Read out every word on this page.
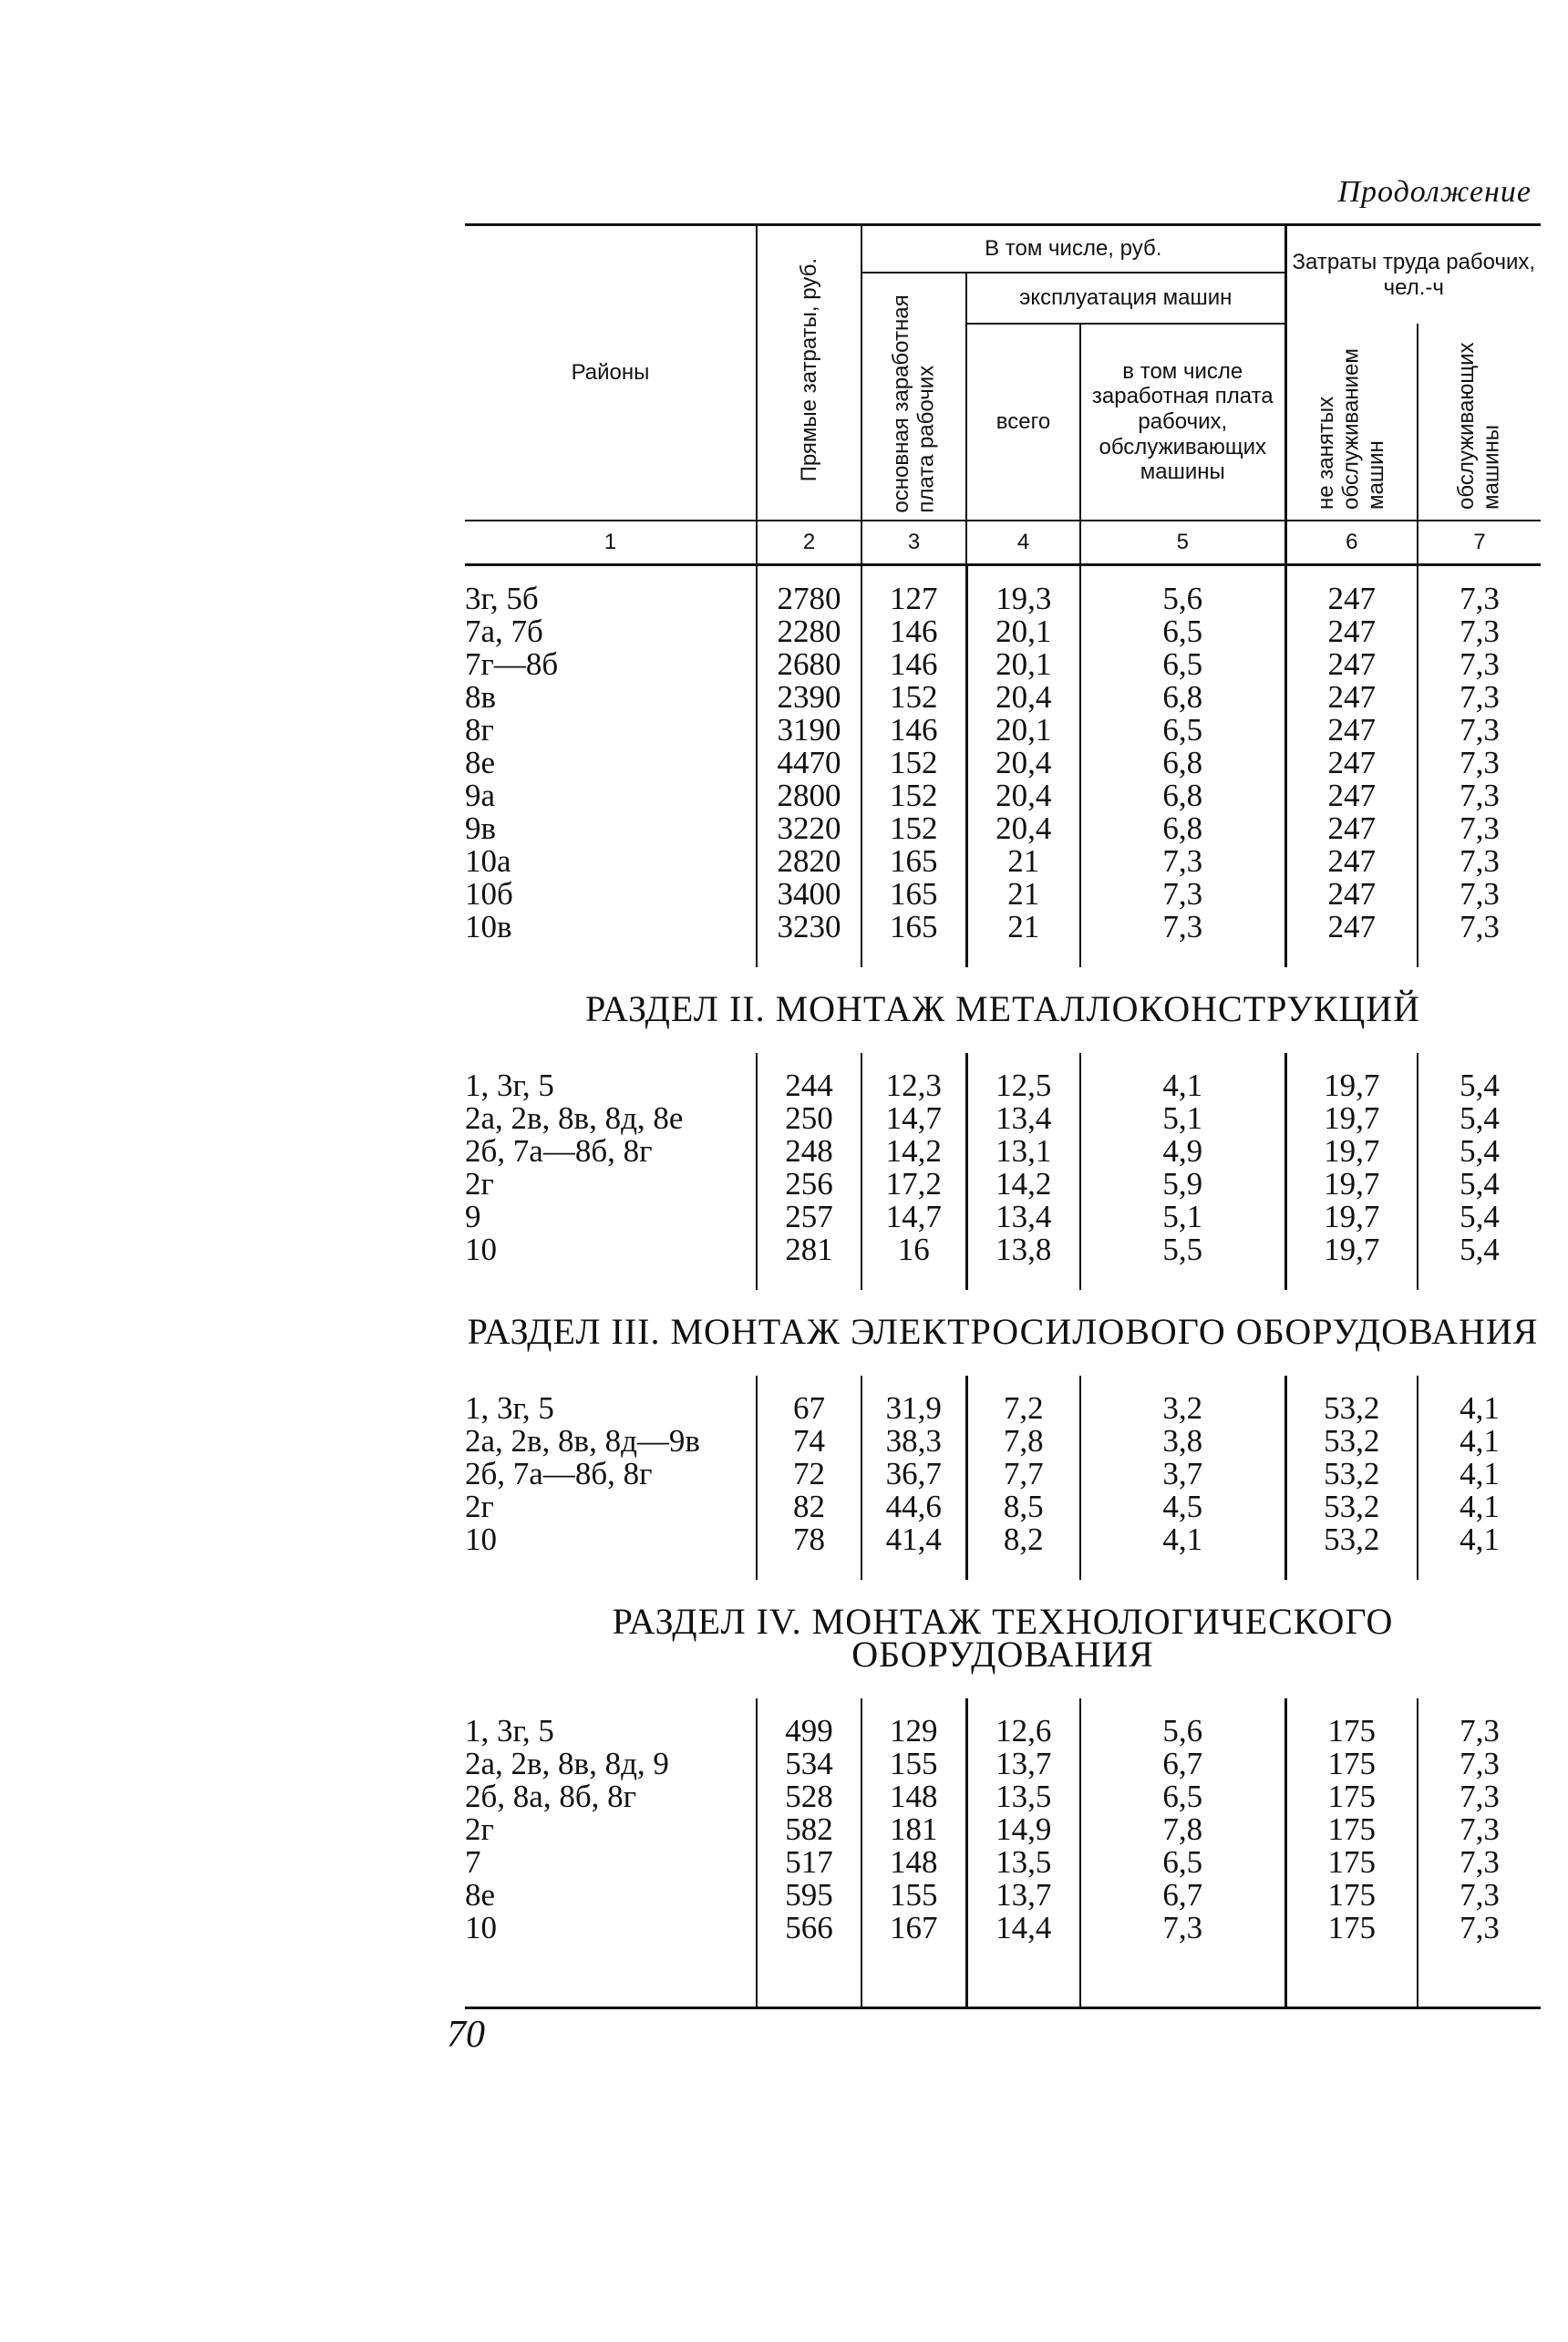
Продолжение
Районы	Прямые затраты, руб.	В том числе, руб.			Затраты труда рабочих, чел.-ч	
		основная заработная плата рабочих	эксплуатация машин			
			всего	в том числе заработная плата рабочих, обслуживающих машины	не занятых обслуживанием машин	обслуживающих машины
1	2	3	4	5	6	7
3г, 5б	2780	127	19,3	5,6	247	7,3
7а, 7б	2280	146	20,1	6,5	247	7,3
7г—8б	2680	146	20,1	6,5	247	7,3
8в	2390	152	20,4	6,8	247	7,3
8г	3190	146	20,1	6,5	247	7,3
8е	4470	152	20,4	6,8	247	7,3
9а	2800	152	20,4	6,8	247	7,3
9в	3220	152	20,4	6,8	247	7,3
10а	2820	165	21	7,3	247	7,3
10б	3400	165	21	7,3	247	7,3
10в	3230	165	21	7,3	247	7,3
РАЗДЕЛ II. МОНТАЖ МЕТАЛЛОКОНСТРУКЦИЙ						
1, 3г, 5	244	12,3	12,5	4,1	19,7	5,4
2а, 2в, 8в, 8д, 8е	250	14,7	13,4	5,1	19,7	5,4
2б, 7а—8б, 8г	248	14,2	13,1	4,9	19,7	5,4
2г	256	17,2	14,2	5,9	19,7	5,4
9	257	14,7	13,4	5,1	19,7	5,4
10	281	16	13,8	5,5	19,7	5,4
РАЗДЕЛ III. МОНТАЖ ЭЛЕКТРОСИЛОВОГО ОБОРУДОВАНИЯ						
1, 3г, 5	67	31,9	7,2	3,2	53,2	4,1
2а, 2в, 8в, 8д—9в	74	38,3	7,8	3,8	53,2	4,1
2б, 7а—8б, 8г	72	36,7	7,7	3,7	53,2	4,1
2г	82	44,6	8,5	4,5	53,2	4,1
10	78	41,4	8,2	4,1	53,2	4,1
РАЗДЕЛ IV. МОНТАЖ ТЕХНОЛОГИЧЕСКОГО ОБОРУДОВАНИЯ						
1, 3г, 5	499	129	12,6	5,6	175	7,3
2а, 2в, 8в, 8д, 9	534	155	13,7	6,7	175	7,3
2б, 8а, 8б, 8г	528	148	13,5	6,5	175	7,3
2г	582	181	14,9	7,8	175	7,3
7	517	148	13,5	6,5	175	7,3
8е	595	155	13,7	6,7	175	7,3
10	566	167	14,4	7,3	175	7,3

70
